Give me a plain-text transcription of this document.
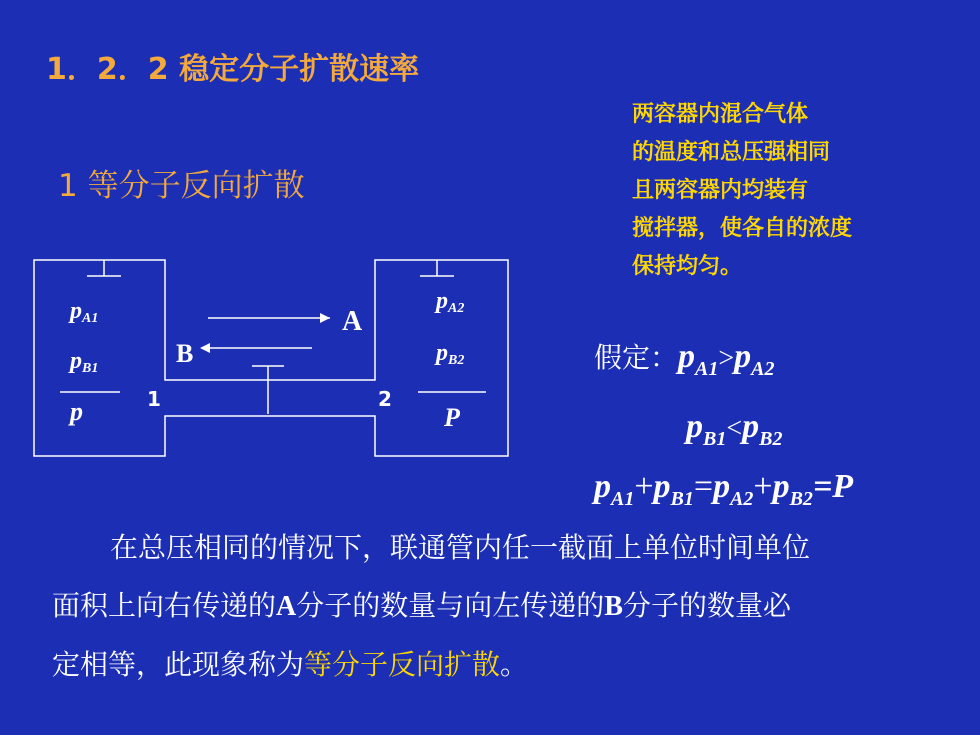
1．2．2 稳定分子扩散速率
1 等分子反向扩散
两容器内混合气体
的温度和总压强相同
且两容器内均装有
搅拌器，使各自的浓度
保持均匀。
pA1
pB1
p
pA2
pB2
P
A
B
1	2
假定：$p_{A1}>p_{A2}$
$p_{B1}<p_{B2}$
$p_{A1}+p_{B1}=p_{A2}+p_{B2}=P$
在总压相同的情况下，联通管内任一截面上单位时间单位
面积上向右传递的A分子的数量与向左传递的B分子的数量必
定相等，此现象称为等分子反向扩散。
